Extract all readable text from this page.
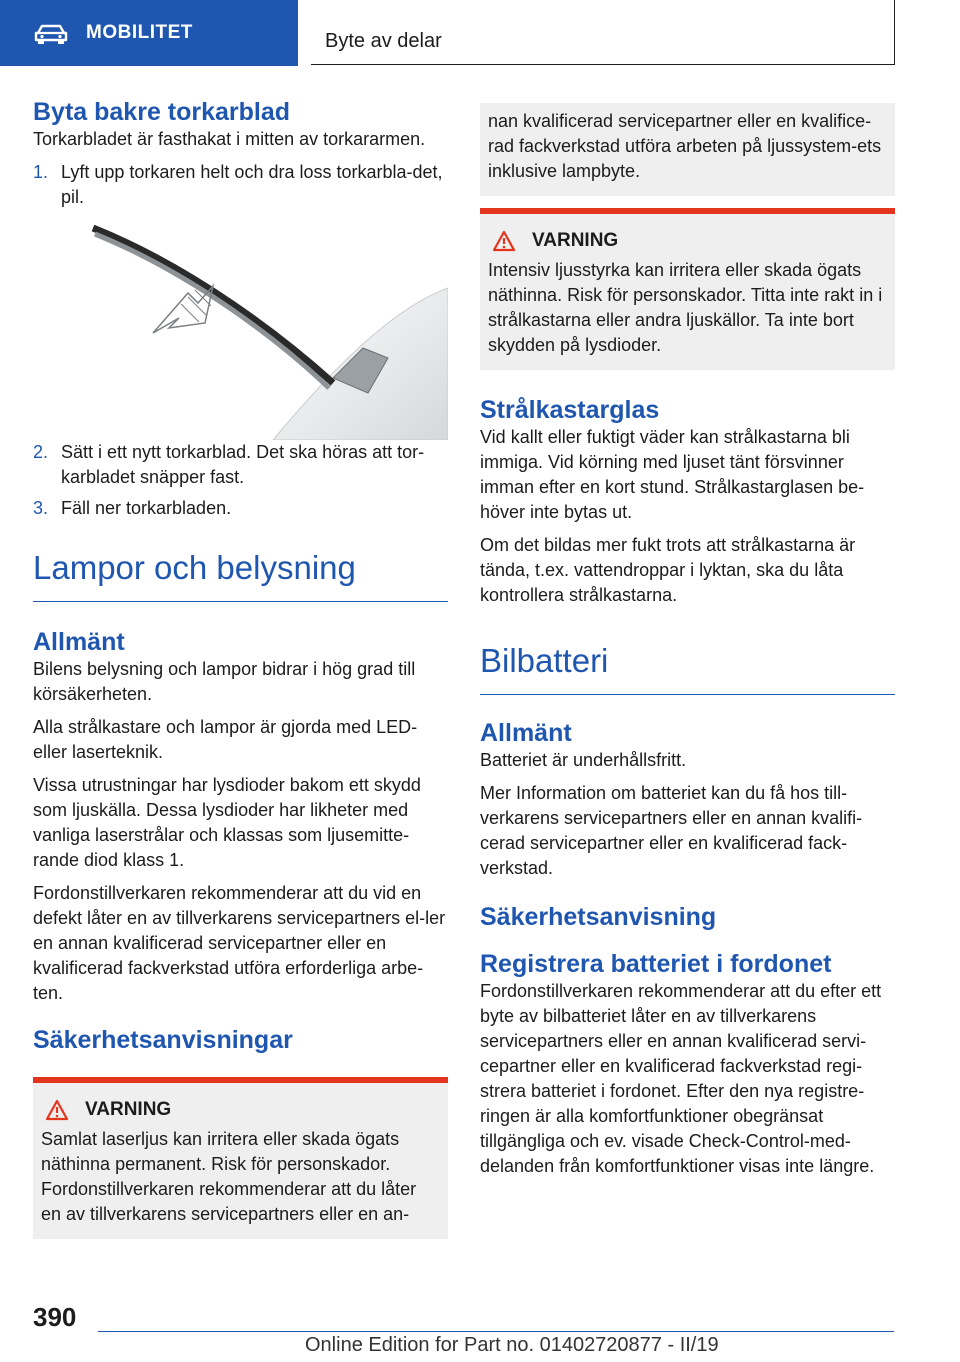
MOBILITET	Byte av delar
Byta bakre torkarblad

Torkarbladet är fasthakat i mitten av torkararmen.

1. Lyft upp torkaren helt och dra loss torkarbla-det, pil.
2. Sätt i ett nytt torkarblad. Det ska höras att tor-karbladet snäpper fast.
3. Fäll ner torkarbladen.
Lampor och belysning
Allmänt

Bilens belysning och lampor bidrar i hög grad till körsäkerheten.

Alla strålkastare och lampor är gjorda med LED- eller laserteknik.

Vissa utrustningar har lysdioder bakom ett skydd som ljuskälla. Dessa lysdioder har likheter med vanliga laserstrålar och klassas som ljusemitte-rande diod klass 1.

Fordonstillverkaren rekommenderar att du vid en defekt låter en av tillverkarens servicepartners el-ler en annan kvalificerad servicepartner eller en kvalificerad fackverkstad utföra erforderliga arbe-ten.

Säkerhetsanvisningar
VARNING

Samlat laserljus kan irritera eller skada ögats näthinna permanent. Risk för personskador. Fordonstillverkaren rekommenderar att du låter en av tillverkarens servicepartners eller en an-

nan kvalificerad servicepartner eller en kvalifice-rad fackverkstad utföra arbeten på ljussystem-ets inklusive lampbyte.

VARNING

Intensiv ljusstyrka kan irritera eller skada ögats näthinna. Risk för personskador. Titta inte rakt in i strålkastarna eller andra ljuskällor. Ta inte bort skydden på lysdioder.

Strålkastarglas

Vid kallt eller fuktigt väder kan strålkastarna bli immiga. Vid körning med ljuset tänt försvinner imman efter en kort stund. Strålkastarglasen be-höver inte bytas ut.

Om det bildas mer fukt trots att strålkastarna är tända, t.ex. vattendroppar i lyktan, ska du låta kontrollera strålkastarna.

Bilbatteri
Allmänt

Batteriet är underhållsfritt.

Mer Information om batteriet kan du få hos till-verkarens servicepartners eller en annan kvalifi-cerad servicepartner eller en kvalificerad fack-verkstad.

Säkerhetsanvisning
Registrera batteriet i fordonet

Fordonstillverkaren rekommenderar att du efter ett byte av bilbatteriet låter en av tillverkarens servicepartners eller en annan kvalificerad servi-cepartner eller en kvalificerad fackverkstad regi-strera batteriet i fordonet. Efter den nya registre-ringen är alla komfortfunktioner obegränsat tillgängliga och ev. visade Check-Control-med-delanden från komfortfunktioner visas inte längre.

390
Online Edition for Part no. 01402720877 - II/19
